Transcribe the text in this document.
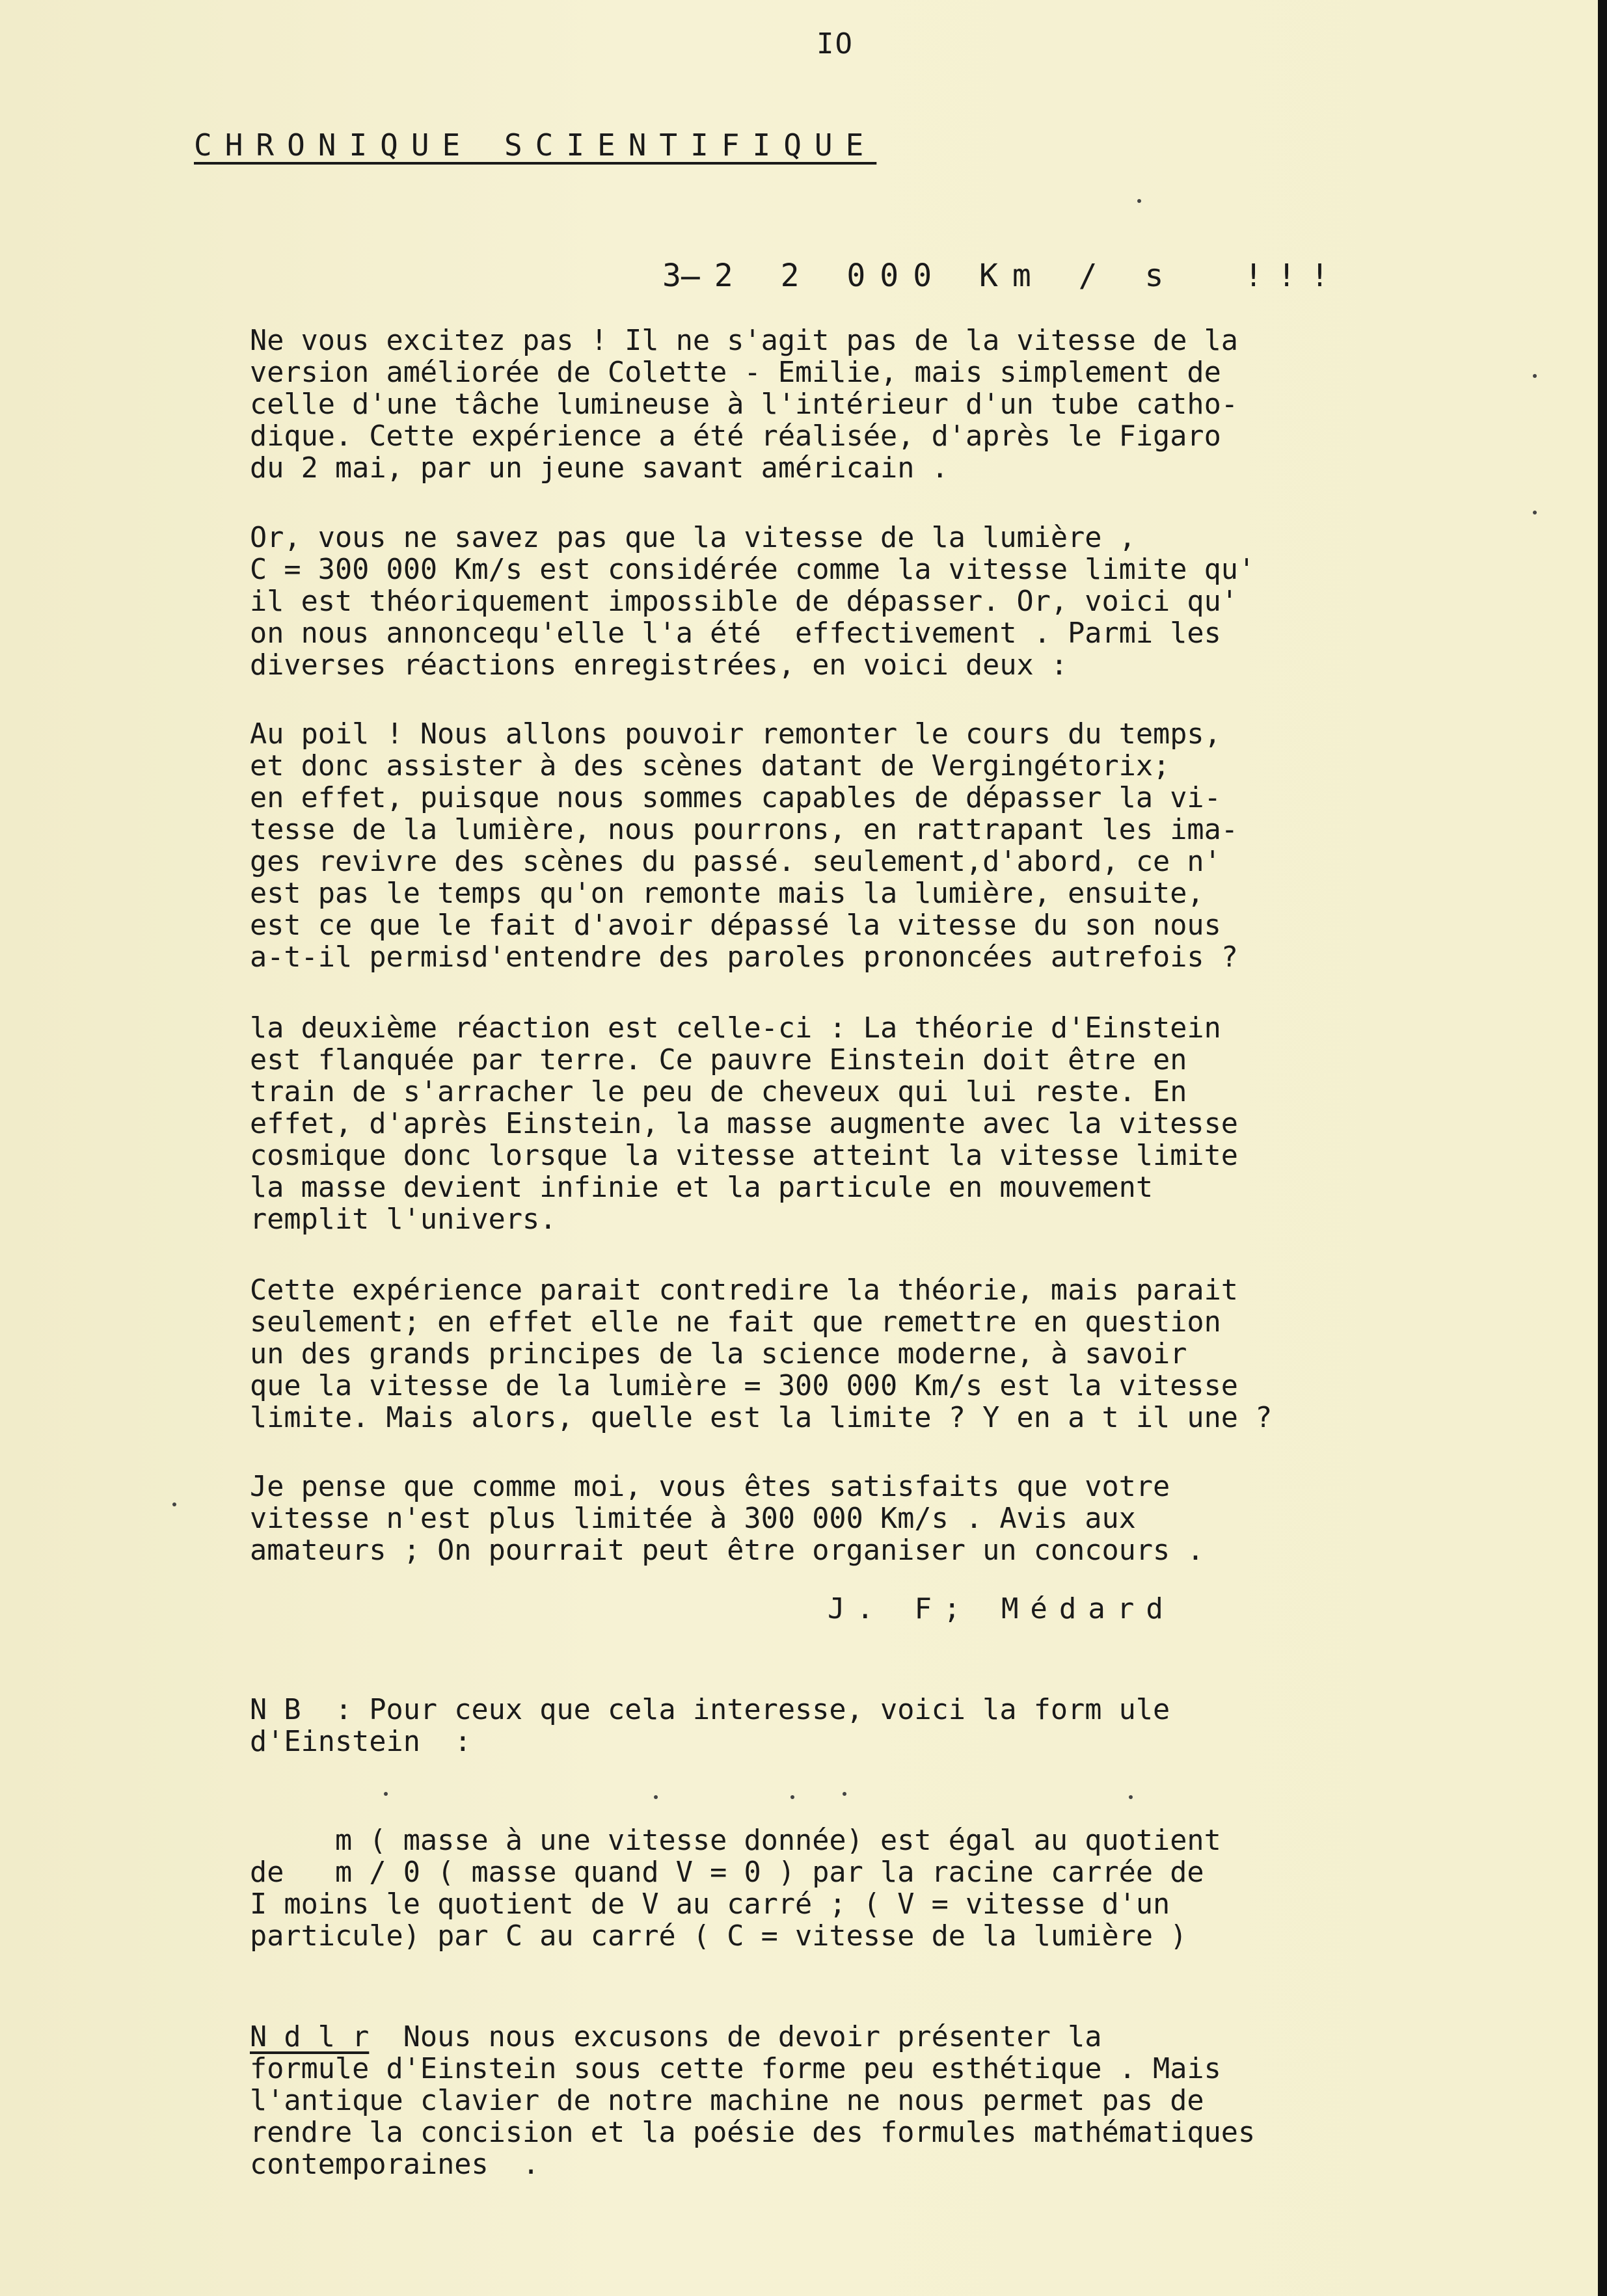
IO
CHRONIQUE SCIENTIFIQUE
3̶2 2 000 Km / s  !!!
Ne vous excitez pas ! Il ne s'agit pas de la vitesse de la
version améliorée de Colette - Emilie, mais simplement de
celle d'une tâche lumineuse à l'intérieur d'un tube catho-
dique. Cette expérience a été réalisée, d'après le Figaro
du 2 mai, par un jeune savant américain .
Or, vous ne savez pas que la vitesse de la lumière ,
C = 300 000 Km/s est considérée comme la vitesse limite qu'
il est théoriquement impossible de dépasser. Or, voici qu'
on nous annoncequ'elle l'a été  effectivement . Parmi les
diverses réactions enregistrées, en voici deux :
Au poil ! Nous allons pouvoir remonter le cours du temps,
et donc assister à des scènes datant de Vergingétorix;
en effet, puisque nous sommes capables de dépasser la vi-
tesse de la lumière, nous pourrons, en rattrapant les ima-
ges revivre des scènes du passé. seulement,d'abord, ce n'
est pas le temps qu'on remonte mais la lumière, ensuite,
est ce que le fait d'avoir dépassé la vitesse du son nous
a-t-il permisd'entendre des paroles prononcées autrefois ?
la deuxième réaction est celle-ci : La théorie d'Einstein
est flanquée par terre. Ce pauvre Einstein doit être en
train de s'arracher le peu de cheveux qui lui reste. En
effet, d'après Einstein, la masse augmente avec la vitesse
cosmique donc lorsque la vitesse atteint la vitesse limite
la masse devient infinie et la particule en mouvement
remplit l'univers.
Cette expérience parait contredire la théorie, mais parait
seulement; en effet elle ne fait que remettre en question
un des grands principes de la science moderne, à savoir
que la vitesse de la lumière = 300 000 Km/s est la vitesse
limite. Mais alors, quelle est la limite ? Y en a t il une ?
Je pense que comme moi, vous êtes satisfaits que votre
vitesse n'est plus limitée à 300 000 Km/s . Avis aux
amateurs ; On pourrait peut être organiser un concours .
J. F; Médard
N B  : Pour ceux que cela interesse, voici la form ule
d'Einstein  :
m ( masse à une vitesse donnée) est égal au quotient
de   m / 0 ( masse quand V = 0 ) par la racine carrée de
I moins le quotient de V au carré ; ( V = vitesse d'un
particule) par C au carré ( C = vitesse de la lumière )
N d l r  Nous nous excusons de devoir présenter la
formule d'Einstein sous cette forme peu esthétique . Mais
l'antique clavier de notre machine ne nous permet pas de
rendre la concision et la poésie des formules mathématiques
contemporaines  .
